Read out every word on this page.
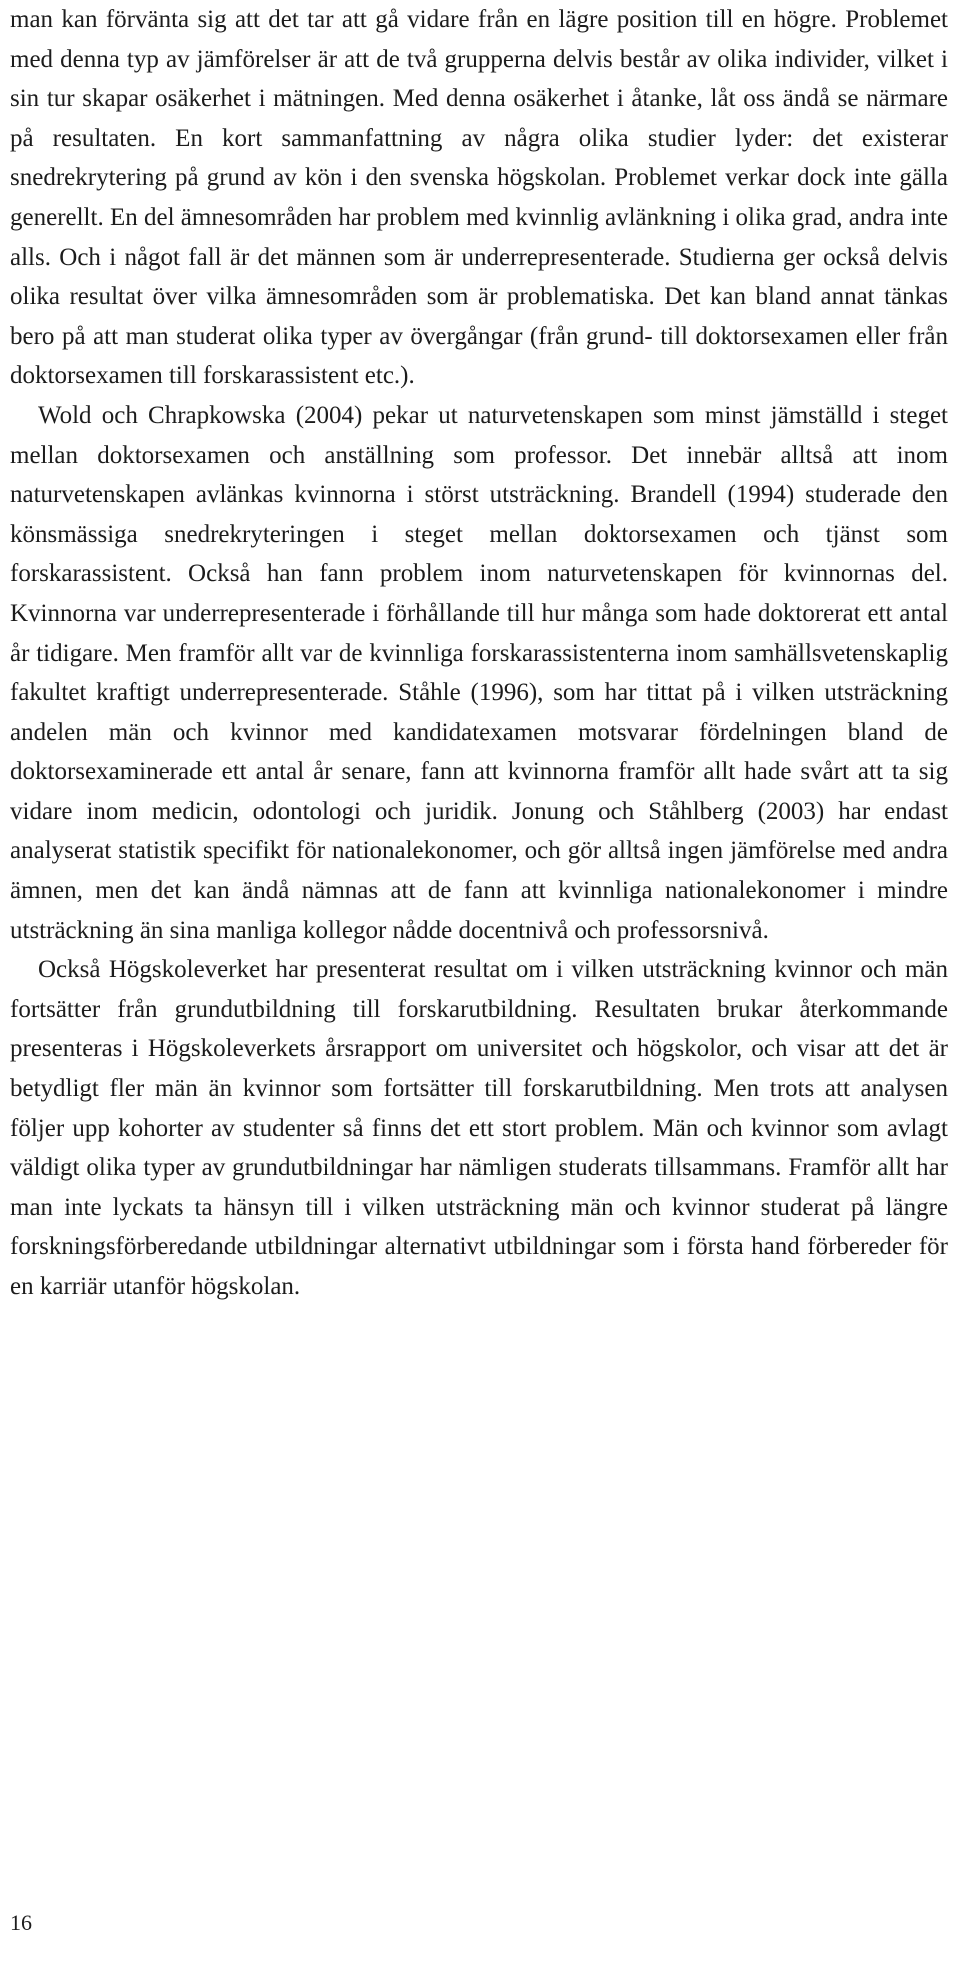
man kan förvänta sig att det tar att gå vidare från en lägre position till en högre. Problemet med denna typ av jämförelser är att de två grupperna delvis består av olika individer, vilket i sin tur skapar osäkerhet i mätningen. Med denna osäkerhet i åtanke, låt oss ändå se närmare på resultaten. En kort sammanfattning av några olika studier lyder: det existerar snedrekrytering på grund av kön i den svenska högskolan. Problemet verkar dock inte gälla generellt. En del ämnesområden har problem med kvinnlig avlänkning i olika grad, andra inte alls. Och i något fall är det männen som är underrepresenterade. Studierna ger också delvis olika resultat över vilka ämnesområden som är problematiska. Det kan bland annat tänkas bero på att man studerat olika typer av övergångar (från grund- till doktorsexamen eller från doktorsexamen till forskarassistent etc.).

Wold och Chrapkowska (2004) pekar ut naturvetenskapen som minst jämställd i steget mellan doktorsexamen och anställning som professor. Det innebär alltså att inom naturvetenskapen avlänkas kvinnorna i störst utsträckning. Brandell (1994) studerade den könsmässiga snedrekryteringen i steget mellan doktorsexamen och tjänst som forskarassistent. Också han fann problem inom naturvetenskapen för kvinnornas del. Kvinnorna var underrepresenterade i förhållande till hur många som hade doktorerat ett antal år tidigare. Men framför allt var de kvinnliga forskarassistenterna inom samhällsvetenskaplig fakultet kraftigt underrepresenterade. Ståhle (1996), som har tittat på i vilken utsträckning andelen män och kvinnor med kandidatexamen motsvarar fördelningen bland de doktorsexaminerade ett antal år senare, fann att kvinnorna framför allt hade svårt att ta sig vidare inom medicin, odontologi och juridik. Jonung och Ståhlberg (2003) har endast analyserat statistik specifikt för nationalekonomer, och gör alltså ingen jämförelse med andra ämnen, men det kan ändå nämnas att de fann att kvinnliga nationalekonomer i mindre utsträckning än sina manliga kollegor nådde docentnivå och professorsnivå.

Också Högskoleverket har presenterat resultat om i vilken utsträckning kvinnor och män fortsätter från grundutbildning till forskarutbildning. Resultaten brukar återkommande presenteras i Högskoleverkets årsrapport om universitet och högskolor, och visar att det är betydligt fler män än kvinnor som fortsätter till forskarutbildning. Men trots att analysen följer upp kohorter av studenter så finns det ett stort problem. Män och kvinnor som avlagt väldigt olika typer av grundutbildningar har nämligen studerats tillsammans. Framför allt har man inte lyckats ta hänsyn till i vilken utsträckning män och kvinnor studerat på längre forskningsförberedande utbildningar alternativt utbildningar som i första hand förbereder för en karriär utanför högskolan.

16
